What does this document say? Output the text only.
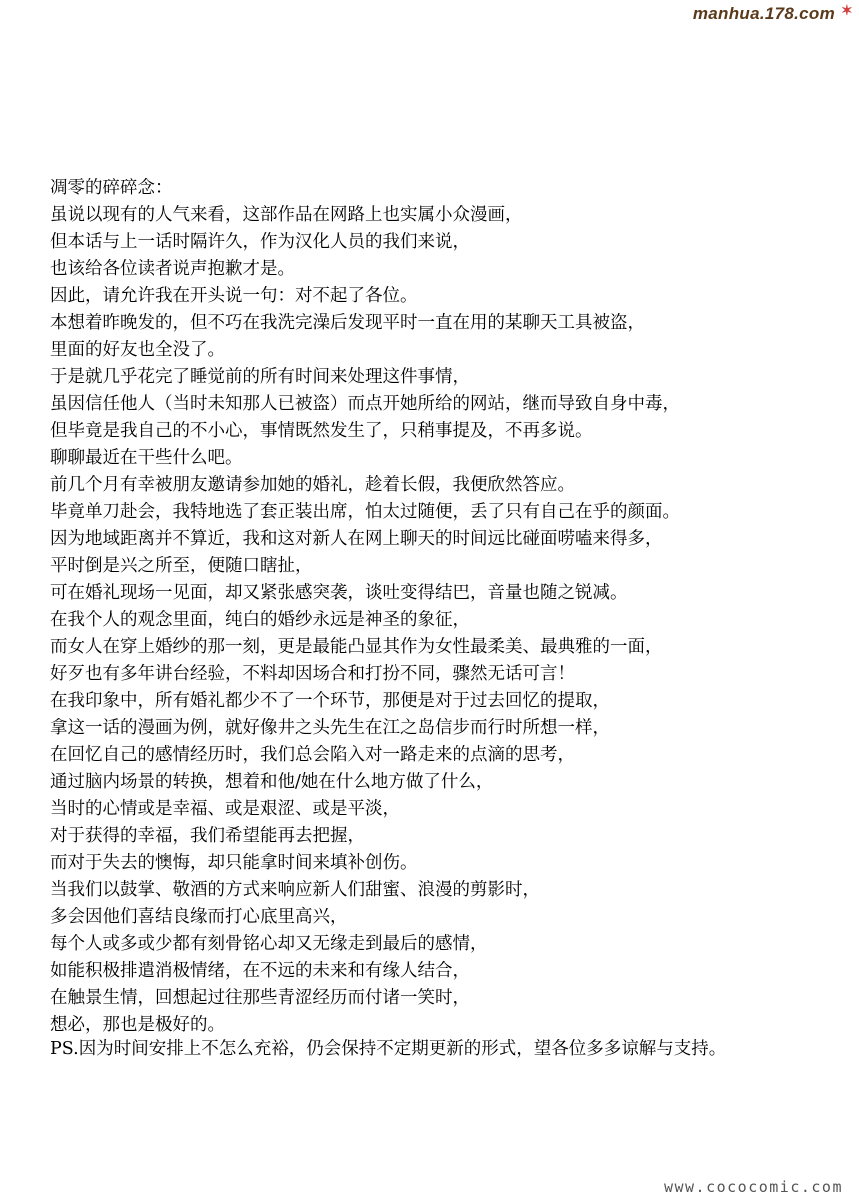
manhua.178.com ✶
凋零的碎碎念：
虽说以现有的人气来看，这部作品在网路上也实属小众漫画，
但本话与上一话时隔许久，作为汉化人员的我们来说，
也该给各位读者说声抱歉才是。
因此，请允许我在开头说一句：对不起了各位。
本想着昨晚发的，但不巧在我洗完澡后发现平时一直在用的某聊天工具被盗，
里面的好友也全没了。
于是就几乎花完了睡觉前的所有时间来处理这件事情，
虽因信任他人（当时未知那人已被盗）而点开她所给的网站，继而导致自身中毒，
但毕竟是我自己的不小心，事情既然发生了，只稍事提及，不再多说。
聊聊最近在干些什么吧。
前几个月有幸被朋友邀请参加她的婚礼，趁着长假，我便欣然答应。
毕竟单刀赴会，我特地选了套正装出席，怕太过随便，丢了只有自己在乎的颜面。
因为地域距离并不算近，我和这对新人在网上聊天的时间远比碰面唠嗑来得多，
平时倒是兴之所至，便随口瞎扯，
可在婚礼现场一见面，却又紧张感突袭，谈吐变得结巴，音量也随之锐减。
在我个人的观念里面，纯白的婚纱永远是神圣的象征，
而女人在穿上婚纱的那一刻，更是最能凸显其作为女性最柔美、最典雅的一面，
好歹也有多年讲台经验，不料却因场合和打扮不同，骤然无话可言！
在我印象中，所有婚礼都少不了一个环节，那便是对于过去回忆的提取，
拿这一话的漫画为例，就好像井之头先生在江之岛信步而行时所想一样，
在回忆自己的感情经历时，我们总会陷入对一路走来的点滴的思考，
通过脑内场景的转换，想着和他/她在什么地方做了什么，
当时的心情或是幸福、或是艰涩、或是平淡，
对于获得的幸福，我们希望能再去把握，
而对于失去的懊悔，却只能拿时间来填补创伤。
当我们以鼓掌、敬酒的方式来响应新人们甜蜜、浪漫的剪影时，
多会因他们喜结良缘而打心底里高兴，
每个人或多或少都有刻骨铭心却又无缘走到最后的感情，
如能积极排遣消极情绪，在不远的未来和有缘人结合，
在触景生情，回想起过往那些青涩经历而付诸一笑时，
想必，那也是极好的。
PS.因为时间安排上不怎么充裕，仍会保持不定期更新的形式，望各位多多谅解与支持。
www.cococomic.com
